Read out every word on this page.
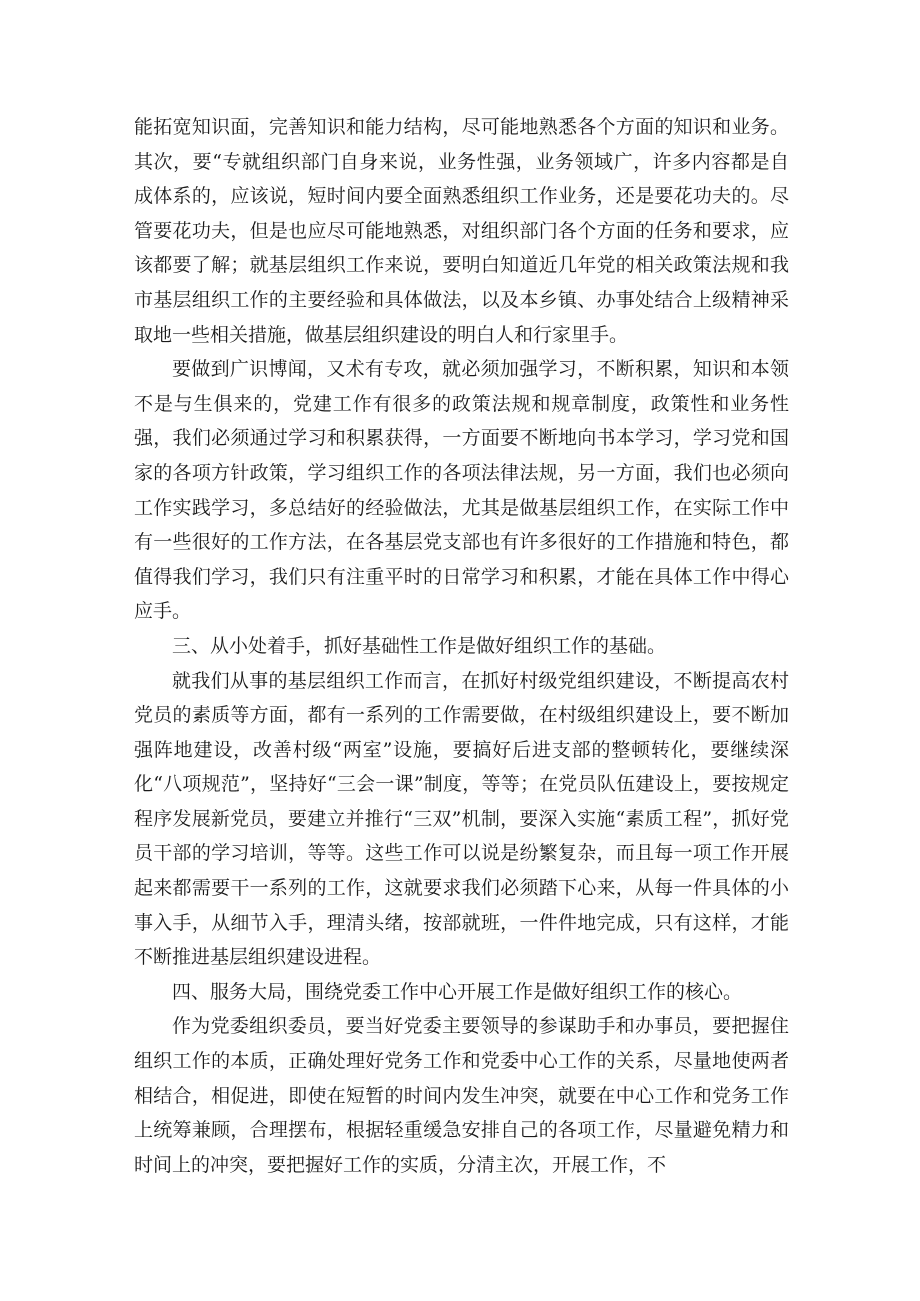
能拓宽知识面，完善知识和能力结构，尽可能地熟悉各个方面的知识和业务。其次，要“专就组织部门自身来说，业务性强，业务领域广，许多内容都是自成体系的，应该说，短时间内要全面熟悉组织工作业务，还是要花功夫的。尽管要花功夫，但是也应尽可能地熟悉，对组织部门各个方面的任务和要求，应该都要了解；就基层组织工作来说，要明白知道近几年党的相关政策法规和我市基层组织工作的主要经验和具体做法，以及本乡镇、办事处结合上级精神采取地一些相关措施，做基层组织建设的明白人和行家里手。

要做到广识博闻，又术有专攻，就必须加强学习，不断积累，知识和本领不是与生俱来的，党建工作有很多的政策法规和规章制度，政策性和业务性强，我们必须通过学习和积累获得，一方面要不断地向书本学习，学习党和国家的各项方针政策，学习组织工作的各项法律法规，另一方面，我们也必须向工作实践学习，多总结好的经验做法，尤其是做基层组织工作，在实际工作中有一些很好的工作方法，在各基层党支部也有许多很好的工作措施和特色，都值得我们学习，我们只有注重平时的日常学习和积累，才能在具体工作中得心应手。

三、从小处着手，抓好基础性工作是做好组织工作的基础。

就我们从事的基层组织工作而言，在抓好村级党组织建设，不断提高农村党员的素质等方面，都有一系列的工作需要做，在村级组织建设上，要不断加强阵地建设，改善村级“两室”设施，要搞好后进支部的整顿转化，要继续深化“八项规范”，坚持好“三会一课”制度，等等；在党员队伍建设上，要按规定程序发展新党员，要建立并推行“三双”机制，要深入实施“素质工程”，抓好党员干部的学习培训，等等。这些工作可以说是纷繁复杂，而且每一项工作开展起来都需要干一系列的工作，这就要求我们必须踏下心来，从每一件具体的小事入手，从细节入手，理清头绪，按部就班，一件件地完成，只有这样，才能不断推进基层组织建设进程。

四、服务大局，围绕党委工作中心开展工作是做好组织工作的核心。

作为党委组织委员，要当好党委主要领导的参谋助手和办事员，要把握住组织工作的本质，正确处理好党务工作和党委中心工作的关系，尽量地使两者相结合，相促进，即使在短暂的时间内发生冲突，就要在中心工作和党务工作上统筹兼顾，合理摆布，根据轻重缓急安排自己的各项工作，尽量避免精力和时间上的冲突，要把握好工作的实质，分清主次，开展工作，不
